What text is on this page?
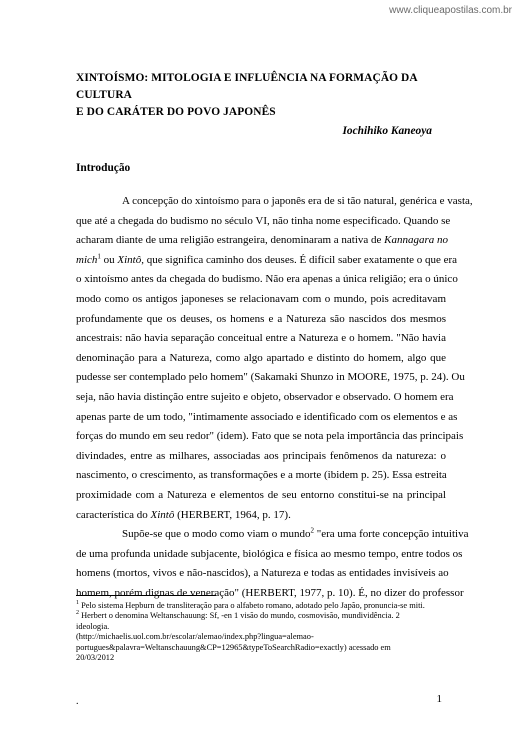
www.cliqueapostilas.com.br
XINTOÍSMO: MITOLOGIA E INFLUÊNCIA NA FORMAÇÃO DA CULTURA
E DO CARÁTER DO POVO JAPONÊS
Iochihiko Kaneoya
Introdução

A concepção do xintoísmo para o japonês era de si tão natural, genérica e vasta,
que até a chegada do budismo no século VI, não tinha nome especificado. Quando se
acharam diante de uma religião estrangeira, denominaram a nativa de Kannagara no
mich$^1$ ou Xintô, que significa caminho dos deuses. É difícil saber exatamente o que era
o xintoísmo antes da chegada do budismo. Não era apenas a única religião; era o único
modo como os antigos japoneses se relacionavam com o mundo, pois acreditavam
profundamente que os deuses, os homens e a Natureza são nascidos dos mesmos
ancestrais: não havia separação conceitual entre a Natureza e o homem. "Não havia
denominação para a Natureza, como algo apartado e distinto do homem, algo que
pudesse ser contemplado pelo homem" (Sakamaki Shunzo in MOORE, 1975, p. 24). Ou
seja, não havia distinção entre sujeito e objeto, observador e observado. O homem era
apenas parte de um todo, "intimamente associado e identificado com os elementos e as
forças do mundo em seu redor" (idem). Fato que se nota pela importância das principais
divindades, entre as milhares, associadas aos principais fenômenos da natureza: o
nascimento, o crescimento, as transformações e a morte (ibidem p. 25). Essa estreita
proximidade com a Natureza e elementos de seu entorno constitui-se na principal
característica do Xintô (HERBERT, 1964, p. 17).

Supõe-se que o modo como viam o mundo$^2$ "era uma forte concepção intuitiva
de uma profunda unidade subjacente, biológica e física ao mesmo tempo, entre todos os
homens (mortos, vivos e não-nascidos), a Natureza e todas as entidades invisíveis ao
homem, porém dignas de veneração" (HERBERT, 1977, p. 10). É, no dizer do professor

$^1$ Pelo sistema Hepburn de transliteração para o alfabeto romano, adotado pelo Japão, pronuncia-se miti.
$^2$ Herbert o denomina Weltanschauung: Sf, -en 1 visão do mundo, cosmovisão, mundividência. 2
ideologia.
(http://michaelis.uol.com.br/escolar/alemao/index.php?lingua=alemao-
portugues&palavra=Weltanschauung&CP=12965&typeToSearchRadio=exactly) acessado em
20/03/2012
.	1
